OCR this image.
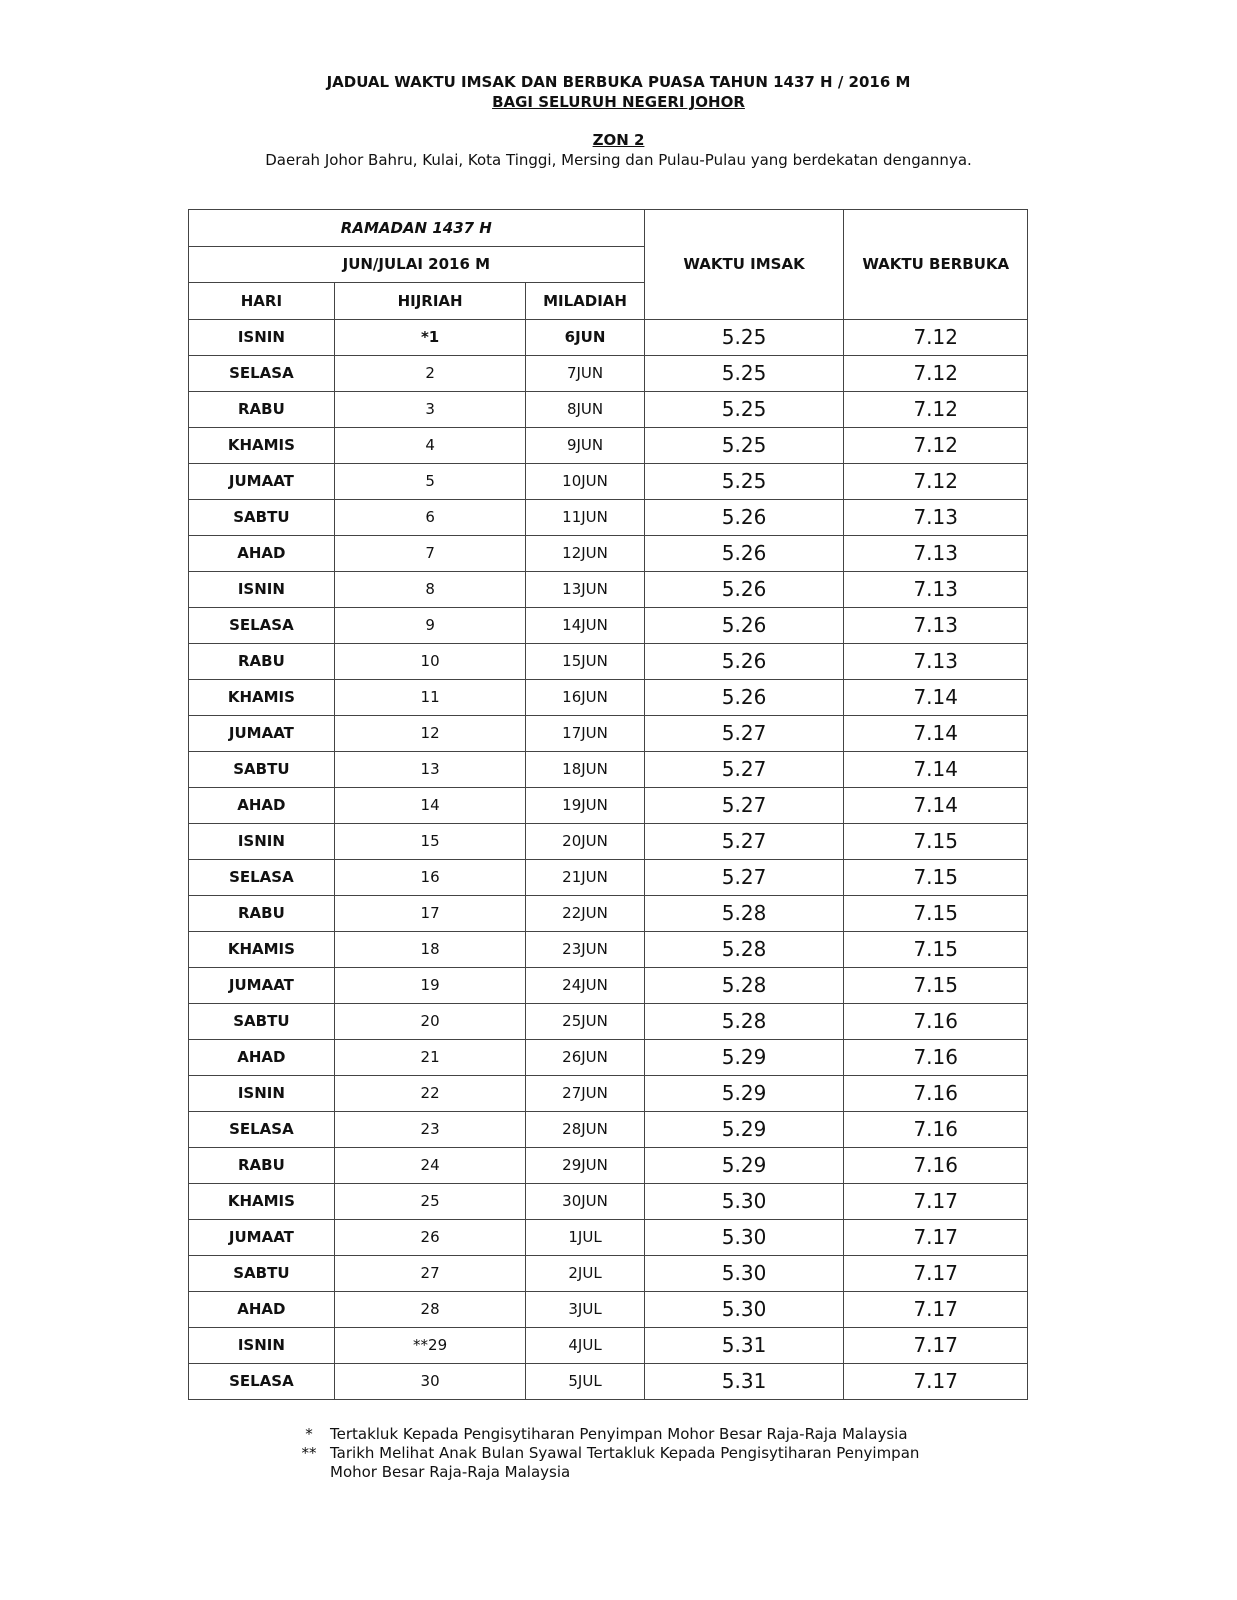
JADUAL WAKTU IMSAK DAN BERBUKA PUASA TAHUN 1437 H / 2016 M
BAGI SELURUH NEGERI JOHOR
ZON 2
Daerah Johor Bahru, Kulai, Kota Tinggi, Mersing dan Pulau-Pulau yang berdekatan dengannya.
RAMADAN 1437 H			WAKTU IMSAK	WAKTU BERBUKA
JUN/JULAI 2016 M				
HARI	HIJRIAH	MILADIAH		
ISNIN	*1	6JUN	5.25	7.12
SELASA	2	7JUN	5.25	7.12
RABU	3	8JUN	5.25	7.12
KHAMIS	4	9JUN	5.25	7.12
JUMAAT	5	10JUN	5.25	7.12
SABTU	6	11JUN	5.26	7.13
AHAD	7	12JUN	5.26	7.13
ISNIN	8	13JUN	5.26	7.13
SELASA	9	14JUN	5.26	7.13
RABU	10	15JUN	5.26	7.13
KHAMIS	11	16JUN	5.26	7.14
JUMAAT	12	17JUN	5.27	7.14
SABTU	13	18JUN	5.27	7.14
AHAD	14	19JUN	5.27	7.14
ISNIN	15	20JUN	5.27	7.15
SELASA	16	21JUN	5.27	7.15
RABU	17	22JUN	5.28	7.15
KHAMIS	18	23JUN	5.28	7.15
JUMAAT	19	24JUN	5.28	7.15
SABTU	20	25JUN	5.28	7.16
AHAD	21	26JUN	5.29	7.16
ISNIN	22	27JUN	5.29	7.16
SELASA	23	28JUN	5.29	7.16
RABU	24	29JUN	5.29	7.16
KHAMIS	25	30JUN	5.30	7.17
JUMAAT	26	1JUL	5.30	7.17
SABTU	27	2JUL	5.30	7.17
AHAD	28	3JUL	5.30	7.17
ISNIN	**29	4JUL	5.31	7.17
SELASA	30	5JUL	5.31	7.17
*	Tertakluk Kepada Pengisytiharan Penyimpan Mohor Besar Raja-Raja Malaysia
** Tarikh Melihat Anak Bulan Syawal Tertakluk Kepada Pengisytiharan Penyimpan Mohor Besar Raja-Raja Malaysia
